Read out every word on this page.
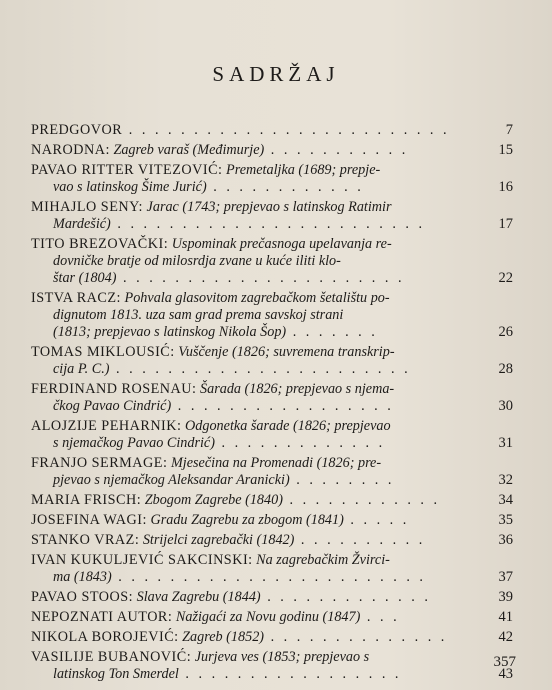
SADRŽAJ
PREDGOVOR . . . . . . . . . . . . . . . . . . . . . . . . .	7
NARODNA: Zagreb varaš (Međimurje) . . . . . . . . . . .	15
PAVAO RITTER VITEZOVIĆ: Premetaljka (1689; prepje-
vao s latinskog Šime Jurić) . . . . . . . . . . . .	16
MIHAJLO SENY: Jarac (1743; prepjevao s latinskog Ratimir
Mardešić) . . . . . . . . . . . . . . . . . . . . . . . .	17
TITO BREZOVAČKI: Uspominak prečasnoga upelavanja re-
dovničke bratje od milosrdja zvane u kuće iliti klo-
štar (1804) . . . . . . . . . . . . . . . . . . . . . .	22
ISTVA RACZ: Pohvala glasovitom zagrebačkom šetalištu po-
dignutom 1813. uza sam grad prema savskoj strani
(1813; prepjevao s latinskog Nikola Šop) . . . . . . .	26
TOMAS MIKLOUSIĆ: Vuščenje (1826; suvremena transkrip-
cija P. C.) . . . . . . . . . . . . . . . . . . . . . . .	28
FERDINAND ROSENAU: Šarada (1826; prepjevao s njema-
čkog Pavao Cindrić) . . . . . . . . . . . . . . . . .	30
ALOJZIJE PEHARNIK: Odgonetka šarade (1826; prepjevao
s njemačkog Pavao Cindrić) . . . . . . . . . . . . .	31
FRANJO SERMAGE: Mjesečina na Promenadi (1826; pre-
pjevao s njemačkog Aleksandar Aranicki) . . . . . . . .	32
MARIA FRISCH: Zbogom Zagrebe (1840) . . . . . . . . . . . .	34
JOSEFINA WAGI: Gradu Zagrebu za zbogom (1841) . . . . .	35
STANKO VRAZ: Strijelci zagrebački (1842) . . . . . . . . . .	36
IVAN KUKULJEVIĆ SAKCINSKI: Na zagrebačkim Žvirci-
ma (1843) . . . . . . . . . . . . . . . . . . . . . . . .	37
PAVAO STOOS: Slava Zagrebu (1844) . . . . . . . . . . . . .	39
NEPOZNATI AUTOR: Nažigaći za Novu godinu (1847) . . .	41
NIKOLA BOROJEVIĆ: Zagreb (1852) . . . . . . . . . . . . . .	42
VASILIJE BUBANOVIĆ: Jurjeva ves (1853; prepjevao s
latinskog Ton Smerdel . . . . . . . . . . . . . . . . .	43
357
